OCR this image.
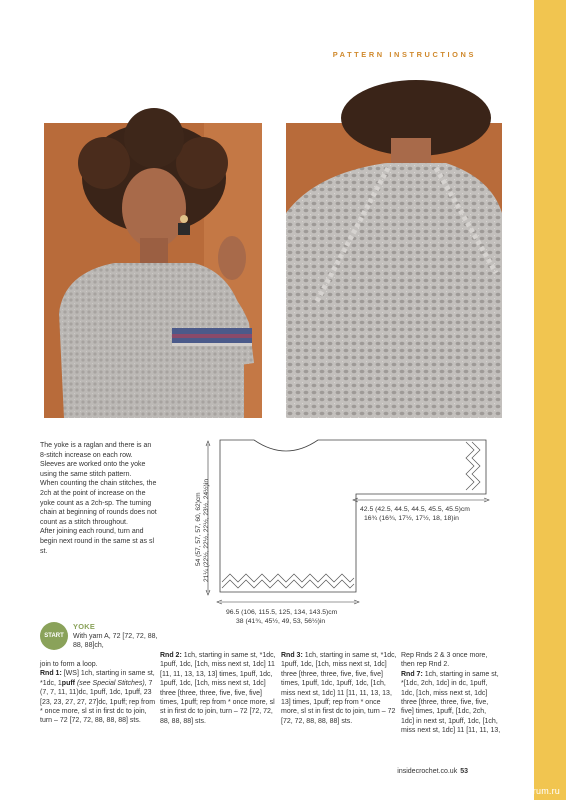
PATTERN INSTRUCTIONS

The yoke is a raglan and there is an 8-stitch increase on each row.

Sleeves are worked onto the yoke using the same stitch pattern.

When counting the chain stitches, the 2ch at the point of increase on the yoke count as a 2ch-sp. The turning chain at beginning of rounds does not count as a stitch throughout.

After joining each round, turn and begin next round in the same st as sl st.	54 (57, 57, 57, 60, 62)cm 21¼ (22½, 22½, 22½, 23½, 24½)in	42.5 (42.5, 44.5, 44.5, 45.5, 45.5)cm
16¾ (16¾, 17½, 17½, 18, 18)in
96.5 (106, 115.5, 125, 134, 143.5)cm
38 (41¾, 45½, 49, 53, 56½)in
START
YOKE

With yarn A, 72 [72, 72, 88, 88, 88]ch,

join to form a loop.

Rnd 1: [WS] 1ch, starting in same st, *1dc, 1puff (see Special Stitches), 7 (7, 7, 11, 11)dc, 1puff, 1dc, 1puff, 23 [23, 23, 27, 27, 27]dc, 1puff; rep from * once more, sl st in first dc to join, turn – 72 [72, 72, 88, 88, 88] sts.

Rnd 2: 1ch, starting in same st, *1dc, 1puff, 1dc, [1ch, miss next st, 1dc] 11 [11, 11, 13, 13, 13] times, 1puff, 1dc, 1puff, 1dc, [1ch, miss next st, 1dc] three [three, three, five, five, five] times, 1puff; rep from * once more, sl st in first dc to join, turn – 72 [72, 72, 88, 88, 88] sts.

Rnd 3: 1ch, starting in same st, *1dc, 1puff, 1dc, [1ch, miss next st, 1dc] three [three, three, five, five, five] times, 1puff, 1dc, 1puff, 1dc, [1ch, miss next st, 1dc] 11 [11, 11, 13, 13, 13] times, 1puff; rep from * once more, sl st in first dc to join, turn – 72 [72, 72, 88, 88, 88] sts.

Rep Rnds 2 & 3 once more, then rep Rnd 2.

Rnd 7: 1ch, starting in same st, *[1dc, 2ch, 1dc] in dc, 1puff, 1dc, [1ch, miss next st, 1dc] three [three, three, five, five, five] times, 1puff, [1dc, 2ch, 1dc] in next st, 1puff, 1dc, [1ch, miss next st, 1dc] 11 [11, 11, 13,

insidecrochet.co.uk 53
PassionForum.ru
